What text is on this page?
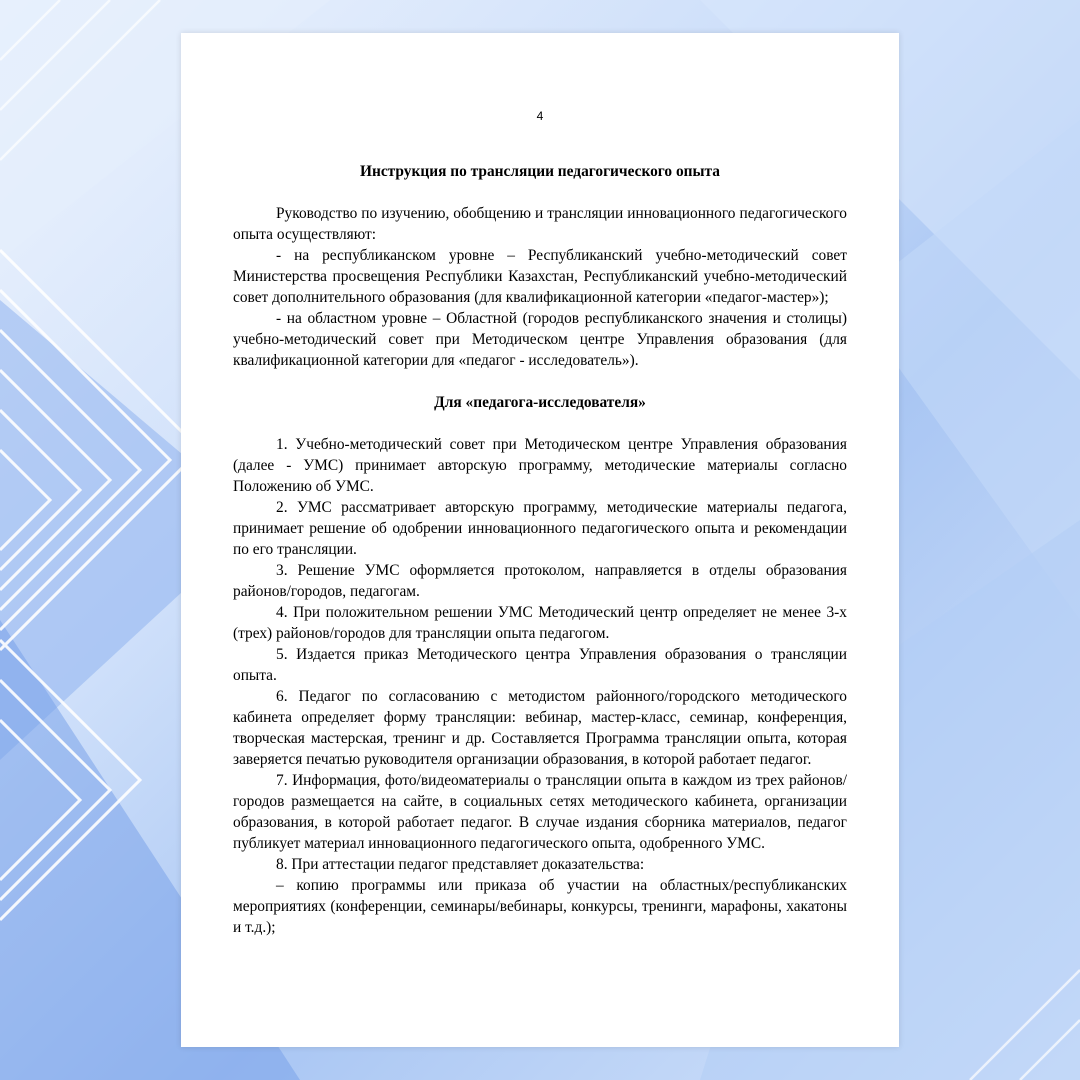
4

Инструкция по трансляции педагогического опыта

Руководство по изучению, обобщению и трансляции инновационного педагогического опыта осуществляют:

- на республиканском уровне – Республиканский учебно-методический совет Министерства просвещения Республики Казахстан, Республиканский учебно-методический совет дополнительного образования (для квалификационной категории «педагог-мастер»);

- на областном уровне – Областной (городов республиканского значения и столицы) учебно-методический совет при Методическом центре Управления образования (для квалификационной категории для «педагог - исследователь»).

Для «педагога-исследователя»

1. Учебно-методический совет при Методическом центре Управления образования (далее - УМС) принимает авторскую программу, методические материалы согласно Положению об УМС.

2. УМС рассматривает авторскую программу, методические материалы педагога, принимает решение об одобрении инновационного педагогического опыта и рекомендации по его трансляции.

3. Решение УМС оформляется протоколом, направляется в отделы образования районов/городов, педагогам.

4. При положительном решении УМС Методический центр определяет не менее 3-х (трех) районов/городов для трансляции опыта педагогом.

5. Издается приказ Методического центра Управления образования о трансляции опыта.

6. Педагог по согласованию с методистом районного/городского методического кабинета определяет форму трансляции: вебинар, мастер-класс, семинар, конференция, творческая мастерская, тренинг и др. Составляется Программа трансляции опыта, которая заверяется печатью руководителя организации образования, в которой работает педагог.

7. Информация, фото/видеоматериалы о трансляции опыта в каждом из трех районов/городов размещается на сайте, в социальных сетях методического кабинета, организации образования, в которой работает педагог. В случае издания сборника материалов, педагог публикует материал инновационного педагогического опыта, одобренного УМС.

8. При аттестации педагог представляет доказательства:

– копию программы или приказа об участии на областных/республиканских мероприятиях (конференции, семинары/вебинары, конкурсы, тренинги, марафоны, хакатоны и т.д.);
